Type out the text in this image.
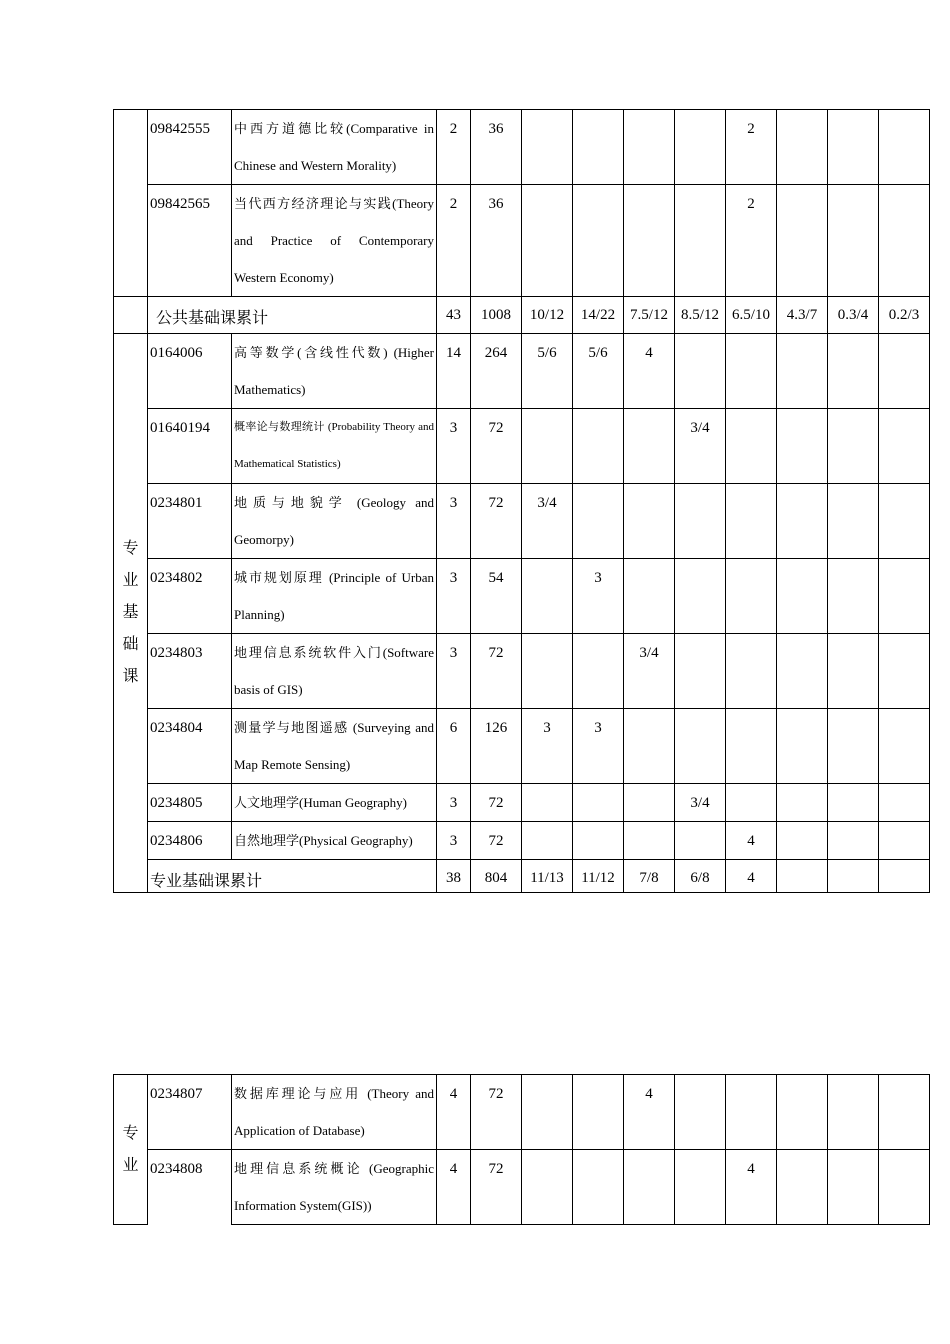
	09842555	中西方道德比较(Comparative in Chinese and Western Morality)	2	36					2			
	09842565	当代西方经济理论与实践(Theory and Practice of Contemporary Western Economy)	2	36					2			
	公共基础课累计		43	1008	10/12	14/22	7.5/12	8.5/12	6.5/10	4.3/7	0.3/4	0.2/3

专
业
基
础
课	0164006	高等数学(含线性代数) (Higher Mathematics)	14	264	5/6	5/6	4					
	01640194	概率论与数理统计 (Probability Theory and Mathematical Statistics)	3	72				3/4				
	0234801	地质与地貌学 (Geology and Geomorpy)	3	72	3/4							
	0234802	城市规划原理 (Principle of Urban Planning)	3	54		3						
	0234803	地理信息系统软件入门(Software basis of GIS)	3	72			3/4					
	0234804	测量学与地图遥感 (Surveying and Map Remote Sensing)	6	126	3	3						
	0234805	人文地理学(Human Geography)	3	72				3/4				
	0234806	自然地理学(Physical Geography)	3	72					4			
	专业基础课累计		38	804	11/13	11/12	7/8	6/8	4			
专
业	0234807	数据库理论与应用 (Theory and Application of Database)	4	72			4					
	0234808	地理信息系统概论 (Geographic Information System(GIS))	4	72					4			
